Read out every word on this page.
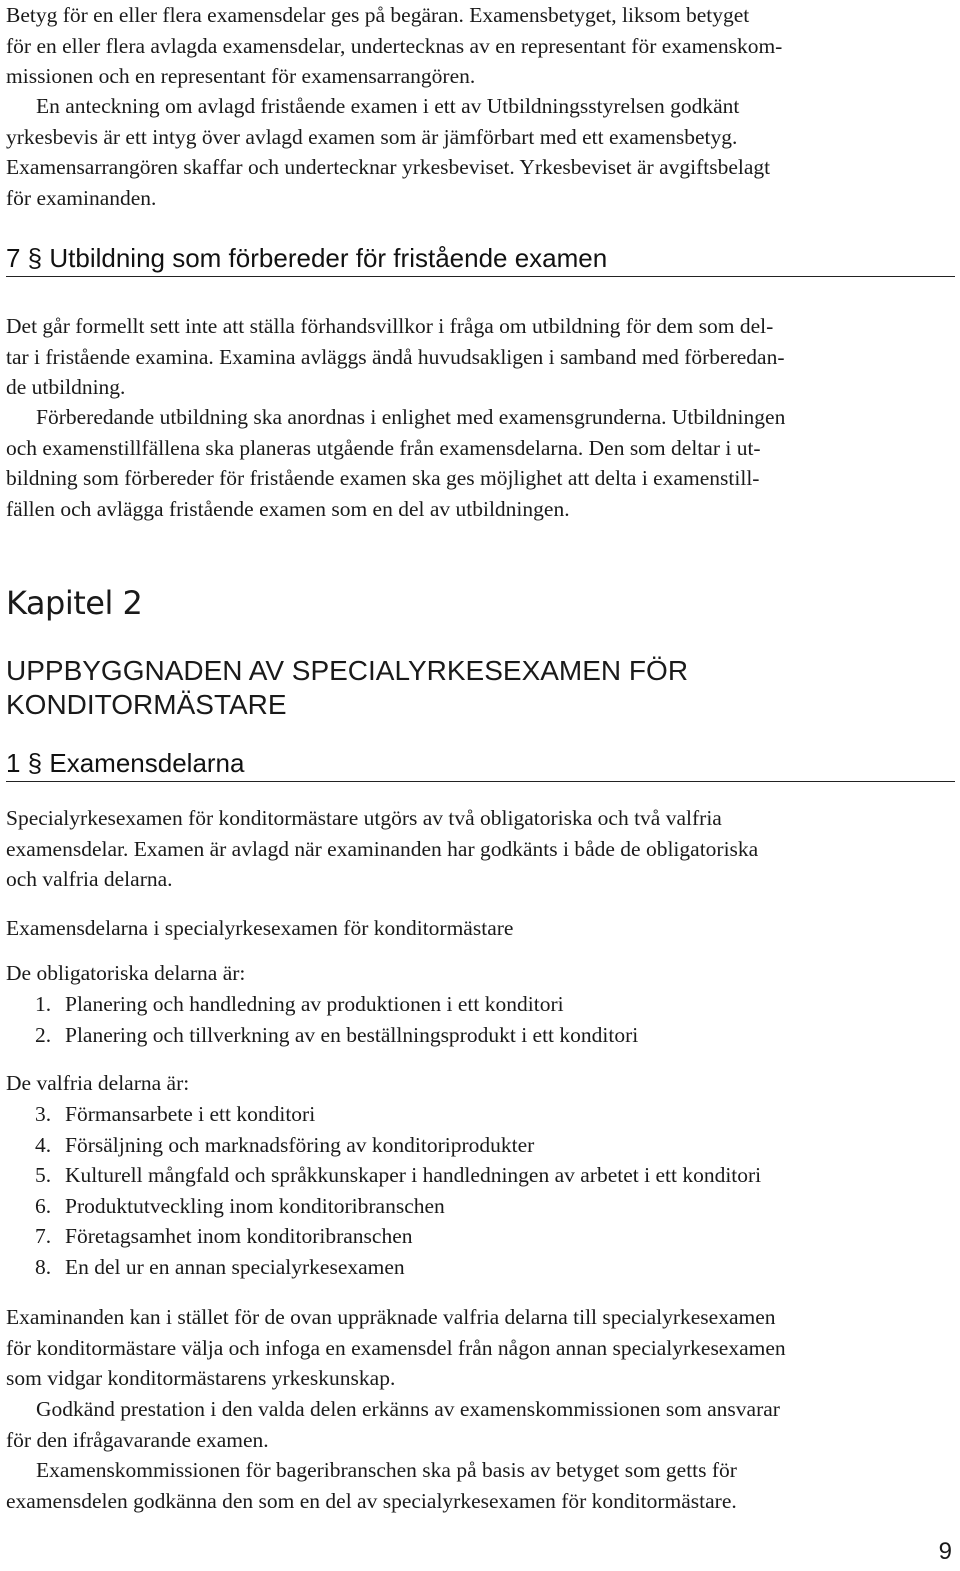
Betyg för en eller flera examensdelar ges på begäran. Examensbetyget, liksom betyget

för en eller flera avlagda examensdelar, undertecknas av en representant för examenskom-

missionen och en representant för examensarrangören.

En anteckning om avlagd fristående examen i ett av Utbildningsstyrelsen godkänt

yrkesbevis är ett intyg över avlagd examen som är jämförbart med ett examensbetyg.

Examensarrangören skaffar och undertecknar yrkesbeviset. Yrkesbeviset är avgiftsbelagt

för examinanden.

7 § Utbildning som förbereder för fristående examen

Det går formellt sett inte att ställa förhandsvillkor i fråga om utbildning för dem som del-

tar i fristående examina. Examina avläggs ändå huvudsakligen i samband med förberedan-

de utbildning.

Förberedande utbildning ska anordnas i enlighet med examensgrunderna. Utbildningen

och examenstillfällena ska planeras utgående från examensdelarna. Den som deltar i ut-

bildning som förbereder för fristående examen ska ges möjlighet att delta i examenstill-

fällen och avlägga fristående examen som en del av utbildningen.

Kapitel 2
UPPBYGGNADEN AV SPECIALYRKESEXAMEN FÖR
KONDITORMÄSTARE
1 § Examensdelarna

Specialyrkesexamen för konditormästare utgörs av två obligatoriska och två valfria

examensdelar. Examen är avlagd när examinanden har godkänts i både de obligatoriska

och valfria delarna.

Examensdelarna i specialyrkesexamen för konditormästare

De obligatoriska delarna är:

1. Planering och handledning av produktionen i ett konditori
2. Planering och tillverkning av en beställningsprodukt i ett konditori

De valfria delarna är:

3. Förmansarbete i ett konditori
4. Försäljning och marknadsföring av konditoriprodukter
5. Kulturell mångfald och språkkunskaper i handledningen av arbetet i ett konditori
6. Produktutveckling inom konditoribranschen
7. Företagsamhet inom konditoribranschen
8. En del ur en annan specialyrkesexamen

Examinanden kan i stället för de ovan uppräknade valfria delarna till specialyrkesexamen

för konditormästare välja och infoga en examensdel från någon annan specialyrkesexamen

som vidgar konditormästarens yrkeskunskap.

Godkänd prestation i den valda delen erkänns av examenskommissionen som ansvarar

för den ifrågavarande examen.

Examenskommissionen för bageribranschen ska på basis av betyget som getts för

examensdelen godkänna den som en del av specialyrkesexamen för konditormästare.

9
